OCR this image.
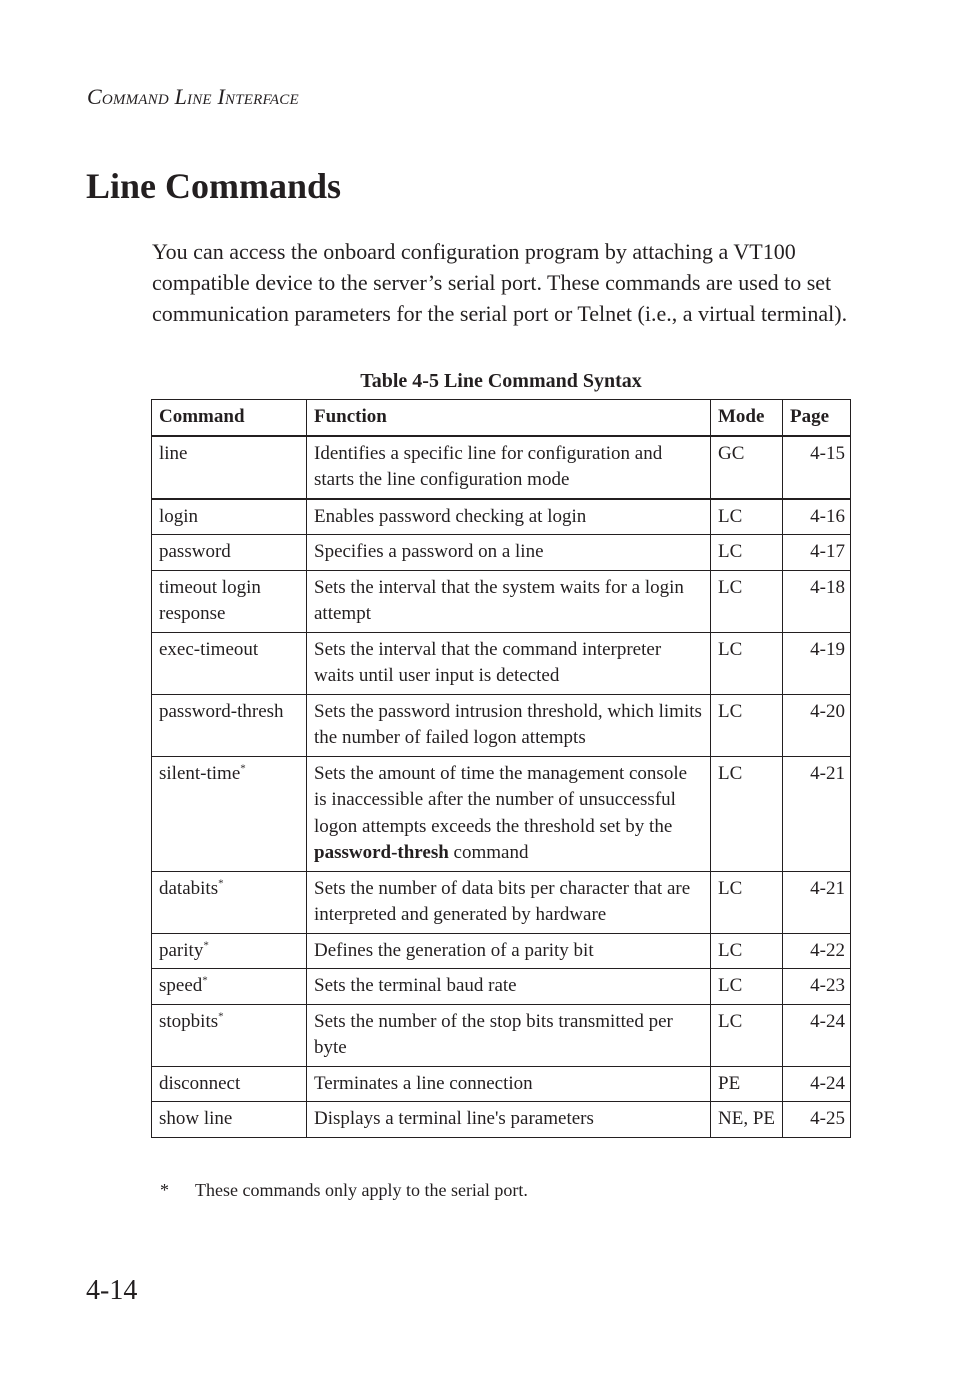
Command Line Interface
Line Commands

You can access the onboard configuration program by attaching a VT100 compatible device to the server’s serial port. These commands are used to set communication parameters for the serial port or Telnet (i.e., a virtual terminal).

Table 4-5 Line Command Syntax
Command	Function	Mode	Page
line	Identifies a specific line for configuration and starts the line configuration mode	GC	4-15
login	Enables password checking at login	LC	4-16
password	Specifies a password on a line	LC	4-17
timeout login response	Sets the interval that the system waits for a login attempt	LC	4-18
exec-timeout	Sets the interval that the command interpreter waits until user input is detected	LC	4-19
password-thresh	Sets the password intrusion threshold, which limits the number of failed logon attempts	LC	4-20
silent-time*	Sets the amount of time the management console is inaccessible after the number of unsuccessful logon attempts exceeds the threshold set by the password-thresh command	LC	4-21
databits*	Sets the number of data bits per character that are interpreted and generated by hardware	LC	4-21
parity*	Defines the generation of a parity bit	LC	4-22
speed*	Sets the terminal baud rate	LC	4-23
stopbits*	Sets the number of the stop bits transmitted per byte	LC	4-24
disconnect	Terminates a line connection	PE	4-24
show line	Displays a terminal line's parameters	NE, PE	4-25
* These commands only apply to the serial port.
4-14
